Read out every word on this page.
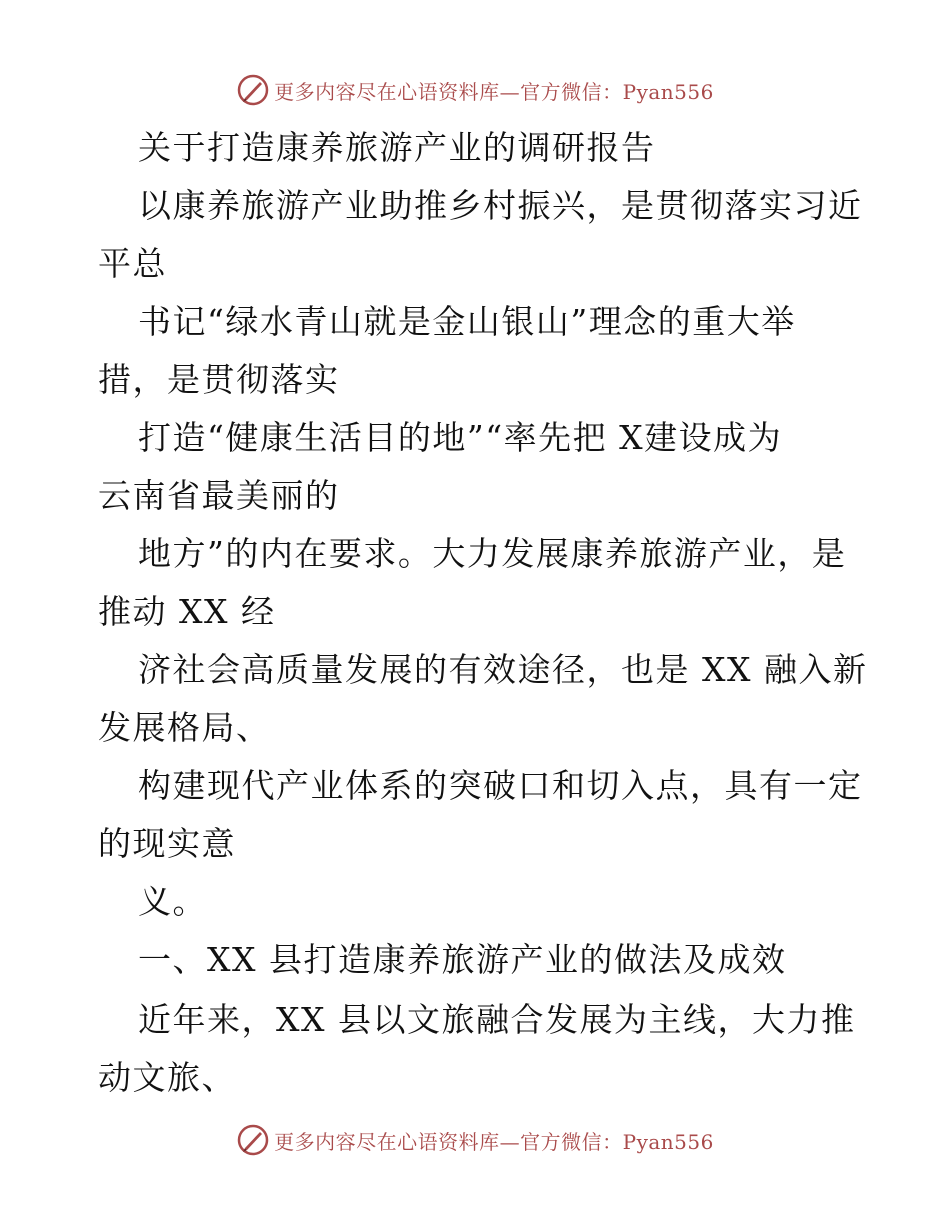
更多内容尽在心语资料库—官方微信：Pyan556
关于打造康养旅游产业的调研报告
以康养旅游产业助推乡村振兴，是贯彻落实习近
平总
书记“绿水青山就是金山银山”理念的重大举
措，是贯彻落实
打造“健康生活目的地”“率先把 X建设成为
云南省最美丽的
地方”的内在要求。大力发展康养旅游产业，是
推动 XX 经
济社会高质量发展的有效途径，也是 XX 融入新
发展格局、
构建现代产业体系的突破口和切入点，具有一定
的现实意
义。
一、XX 县打造康养旅游产业的做法及成效
近年来，XX 县以文旅融合发展为主线，大力推
动文旅、
更多内容尽在心语资料库—官方微信：Pyan556
